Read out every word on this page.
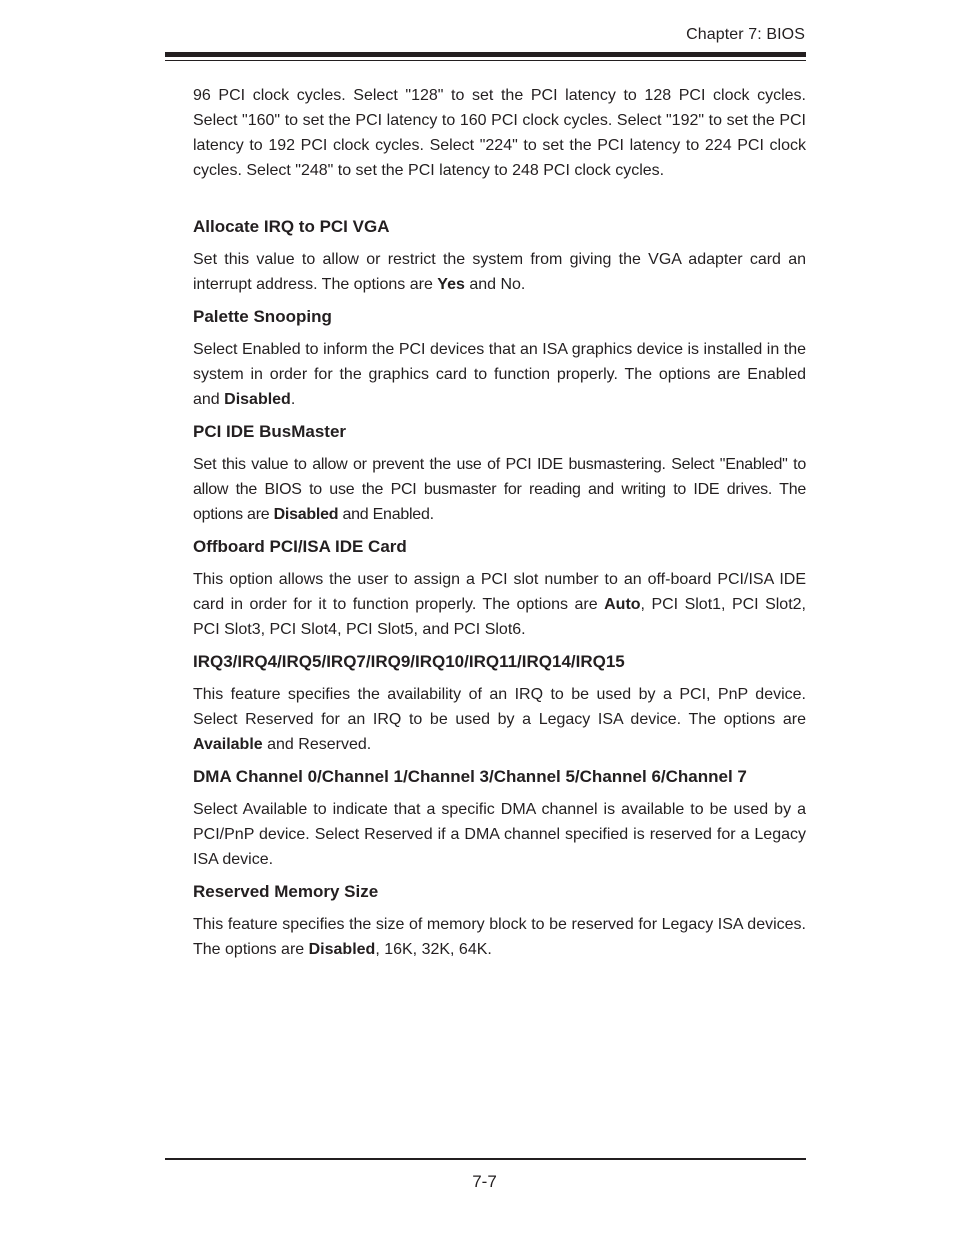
Chapter 7: BIOS

96 PCI clock cycles. Select "128" to set the PCI latency to 128 PCI clock cycles. Select "160" to set the PCI latency to 160 PCI clock cycles. Select "192" to set the PCI latency to 192 PCI clock cycles. Select "224" to set the PCI latency to 224 PCI clock cycles. Select "248" to set the PCI latency to 248 PCI clock cycles.

Allocate IRQ to PCI VGA

Set this value to allow or restrict the system from giving the VGA adapter card an interrupt address. The options are Yes and No.

Palette Snooping

Select Enabled to inform the PCI devices that an ISA graphics device is installed in the system in order for the graphics card to function properly. The options are Enabled and Disabled.

PCI IDE BusMaster

Set this value to allow or prevent the use of PCI IDE busmastering. Select "Enabled" to allow the BIOS to use the PCI busmaster for reading and writing to IDE drives. The options are Disabled and Enabled.

Offboard PCI/ISA IDE Card

This option allows the user to assign a PCI slot number to an off-board PCI/ISA IDE card in order for it to function properly. The options are Auto, PCI Slot1, PCI Slot2, PCI Slot3, PCI Slot4, PCI Slot5, and PCI Slot6.

IRQ3/IRQ4/IRQ5/IRQ7/IRQ9/IRQ10/IRQ11/IRQ14/IRQ15

This feature specifies the availability of an IRQ to be used by a PCI, PnP device. Select Reserved for an IRQ to be used by a Legacy ISA device. The options are Available and Reserved.

DMA Channel 0/Channel 1/Channel 3/Channel 5/Channel 6/Channel 7

Select Available to indicate that a specific DMA channel is available to be used by a PCI/PnP device. Select Reserved if a DMA channel specified is reserved for a Legacy ISA device.

Reserved Memory Size

This feature specifies the size of memory block to be reserved for Legacy ISA devices. The options are Disabled, 16K, 32K, 64K.

7-7
